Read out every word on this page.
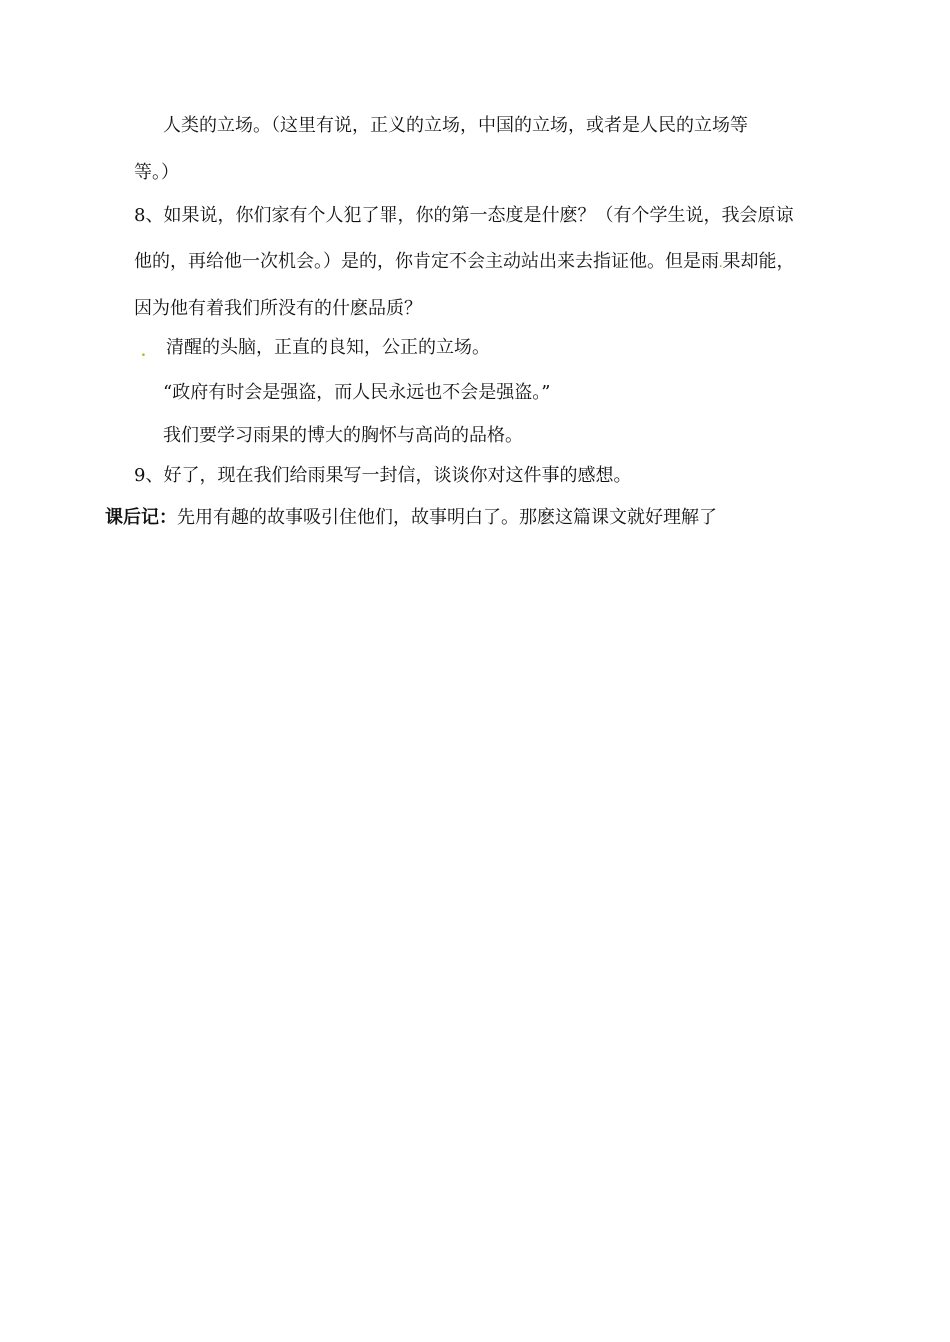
人类的立场。（这里有说，正义的立场，中国的立场，或者是人民的立场等
等。）
8、如果说，你们家有个人犯了罪，你的第一态度是什麽？（有个学生说，我会原谅
他的，再给他一次机会。）是的，你肯定不会主动站出来去指证他。但是雨.果却能，
因为他有着我们所没有的什麽品质？
. 清醒的头脑，正直的良知，公正的立场。
“政府有时会是强盗，而人民永远也不会是强盗。”
我们要学习雨果的博大的胸怀与高尚的品格。
9、好了，现在我们给雨果写一封信，谈谈你对这件事的感想。
课后记：先用有趣的故事吸引住他们，故事明白了。那麽这篇课文就好理解了
